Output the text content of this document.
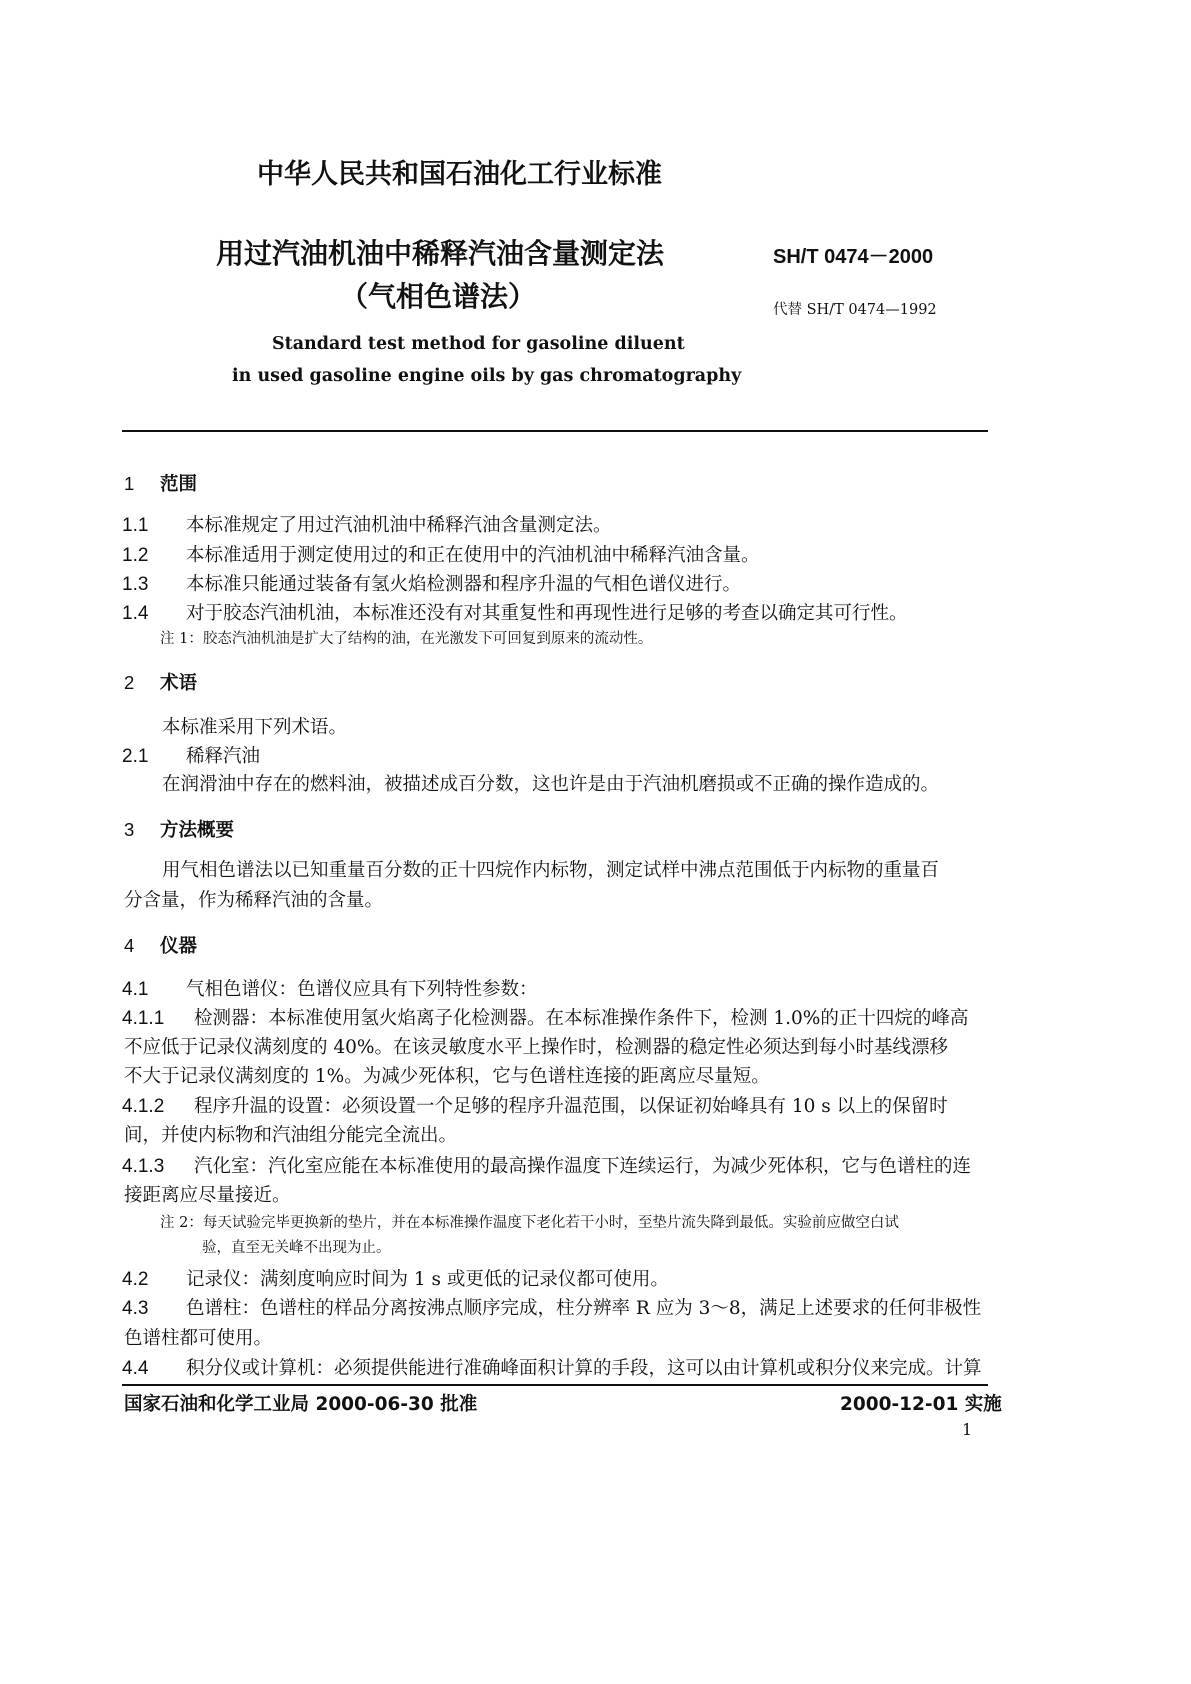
中华人民共和国石油化工行业标准
用过汽油机油中稀释汽油含量测定法
（气相色谱法）
SH/T 0474－2000
代替 SH/T 0474—1992
Standard test method for gasoline diluent
in used gasoline engine oils by gas chromatography
1 范围
1.1 本标准规定了用过汽油机油中稀释汽油含量测定法。
1.2 本标准适用于测定使用过的和正在使用中的汽油机油中稀释汽油含量。
1.3 本标准只能通过装备有氢火焰检测器和程序升温的气相色谱仪进行。
1.4 对于胶态汽油机油，本标准还没有对其重复性和再现性进行足够的考查以确定其可行性。
注 1：胶态汽油机油是扩大了结构的油，在光激发下可回复到原来的流动性。
2 术语
本标准采用下列术语。
2.1 稀释汽油
在润滑油中存在的燃料油，被描述成百分数，这也许是由于汽油机磨损或不正确的操作造成的。
3 方法概要
用气相色谱法以已知重量百分数的正十四烷作内标物，测定试样中沸点范围低于内标物的重量百
分含量，作为稀释汽油的含量。
4 仪器
4.1 气相色谱仪：色谱仪应具有下列特性参数：
4.1.1 检测器：本标准使用氢火焰离子化检测器。在本标准操作条件下，检测 1.0%的正十四烷的峰高
不应低于记录仪满刻度的 40%。在该灵敏度水平上操作时，检测器的稳定性必须达到每小时基线漂移
不大于记录仪满刻度的 1%。为减少死体积，它与色谱柱连接的距离应尽量短。
4.1.2 程序升温的设置：必须设置一个足够的程序升温范围，以保证初始峰具有 10 s 以上的保留时
间，并使内标物和汽油组分能完全流出。
4.1.3 汽化室：汽化室应能在本标准使用的最高操作温度下连续运行，为减少死体积，它与色谱柱的连
接距离应尽量接近。
注 2：每天试验完毕更换新的垫片，并在本标准操作温度下老化若干小时，至垫片流失降到最低。实验前应做空白试
验，直至无关峰不出现为止。
4.2 记录仪：满刻度响应时间为 1 s 或更低的记录仪都可使用。
4.3 色谱柱：色谱柱的样品分离按沸点顺序完成，柱分辨率 R 应为 3～8，满足上述要求的任何非极性
色谱柱都可使用。
4.4 积分仪或计算机：必须提供能进行准确峰面积计算的手段，这可以由计算机或积分仪来完成。计算
国家石油和化学工业局 2000-06-30 批准	2000-12-01 实施
1
